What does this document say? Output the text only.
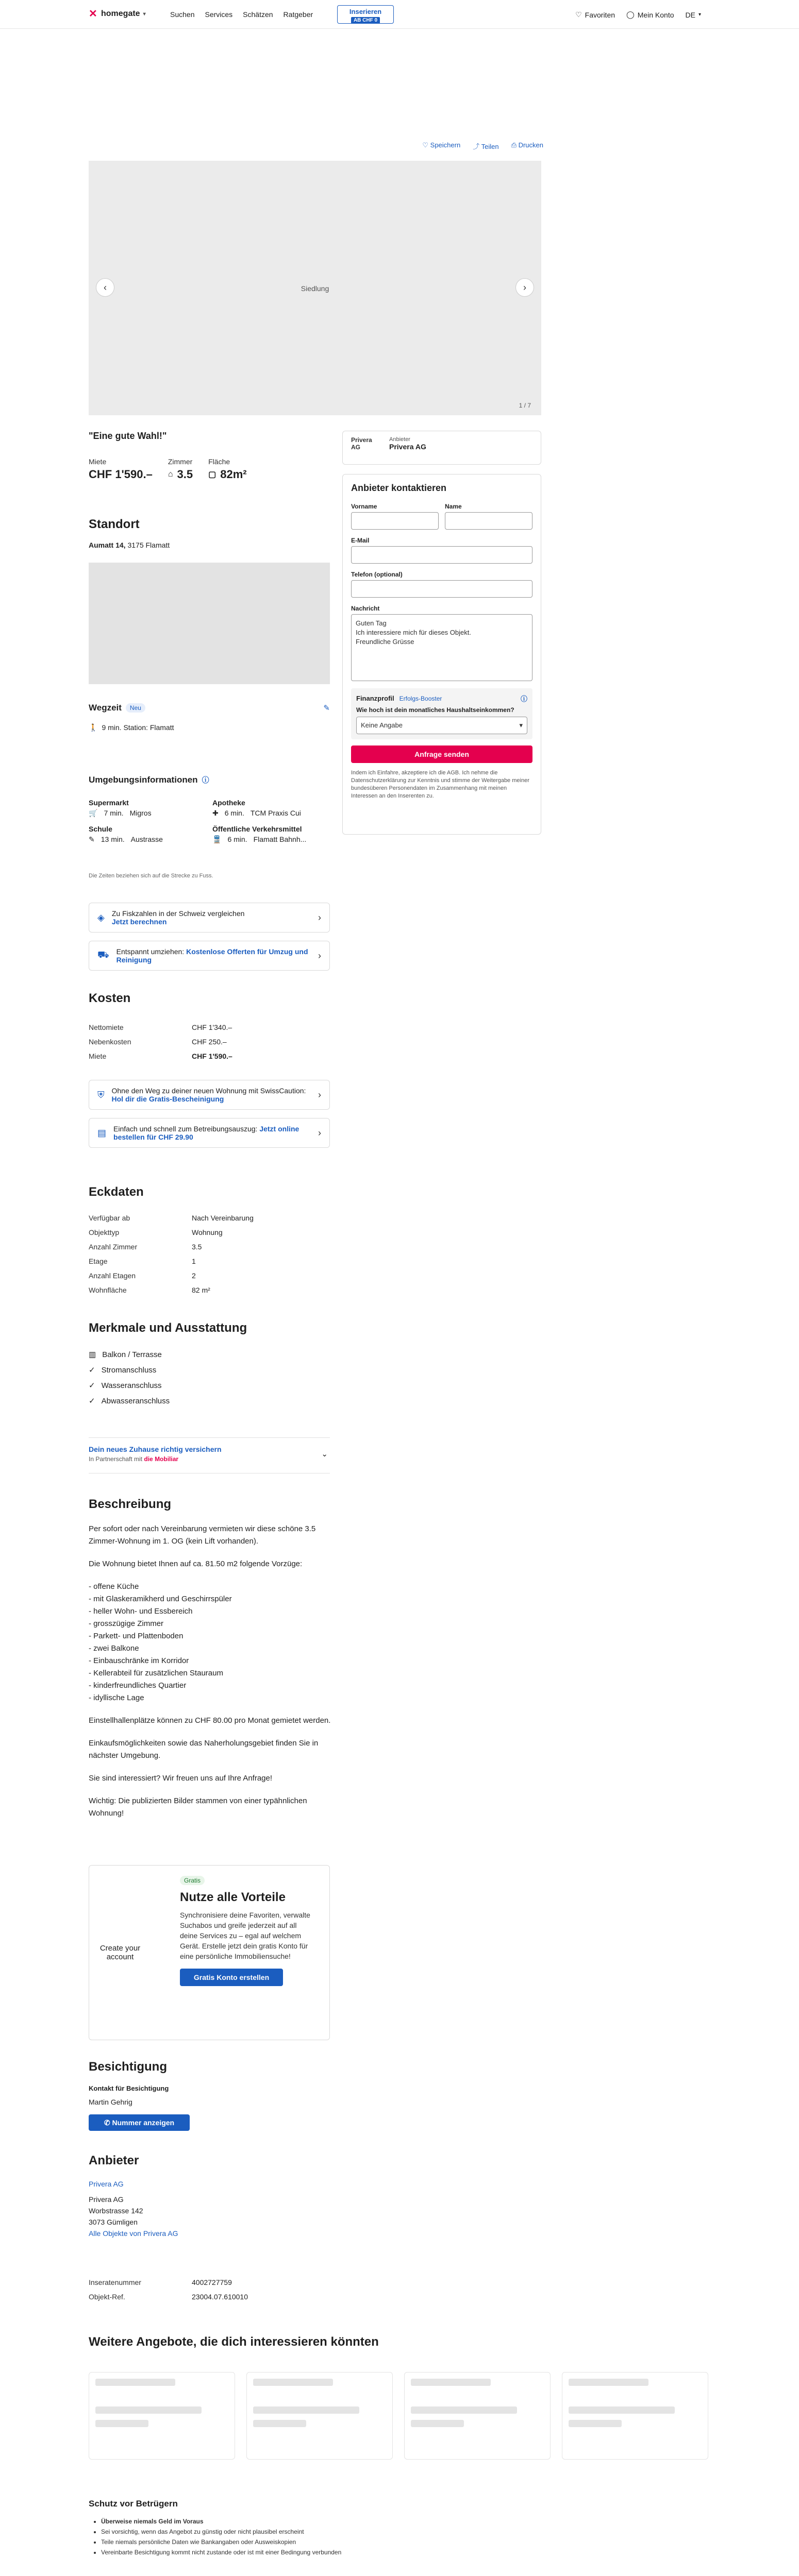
✕ homegate ▾	Suchen Services Schätzen Ratgeber	Inserieren
AB CHF 0
♡ Favoriten ◯ Mein Konto DE ▾
♡ Speichern ⤴ Teilen ⎙ Drucken
Siedlung
‹	›
1 / 7
"Eine gute Wahl!"
Miete
CHF 1'590.–
Zimmer
⌂ 3.5
Fläche
▢ 82m²
Privera AG
Anbieter
Privera AG
Anbieter kontaktieren
Vorname	Name
E-Mail
Telefon (optional)
Nachricht
Guten Tag
Ich interessiere mich für dieses Objekt.
Freundliche Grüsse
Finanzprofil Erfolgs-Booster	ⓘ
Wie hoch ist dein monatliches Haushaltseinkommen?
Keine Angabe	▾
Anfrage senden
Indem ich Einfahre, akzeptiere ich die AGB. Ich nehme die Datenschutzerklärung zur Kenntnis und stimme der Weitergabe meiner bundesüberen Personendaten im Zusammenhang mit meinen Interessen an den Inserenten zu.
Standort
Aumatt 14, 3175 Flamatt
Wegzeit	Neu	✎
🚶 9 min. Station: Flamatt
Umgebungsinformationen ⓘ
Supermarkt
🛒 7 min. Migros
Apotheke
✚ 6 min. TCM Praxis Cui
Schule
✎ 13 min. Austrasse
Öffentliche Verkehrsmittel
🚆 6 min. Flamatt Bahnh...
Die Zeiten beziehen sich auf die Strecke zu Fuss.
◈ Zu Fiskzahlen in der Schweiz vergleichen
Jetzt berechnen	›
⛟ Entspannt umziehen: Kostenlose Offerten für Umzug und Reinigung	›
Kosten
Nettomiete	CHF 1'340.–
Nebenkosten	CHF 250.–
Miete	CHF 1'590.–
⛨ Ohne den Weg zu deiner neuen Wohnung mit SwissCaution: Hol dir die Gratis-Bescheinigung	›
▤ Einfach und schnell zum Betreibungsauszug: Jetzt online bestellen für CHF 29.90	›
Eckdaten
Verfügbar ab	Nach Vereinbarung
Objekttyp	Wohnung
Anzahl Zimmer	3.5
Etage	1
Anzahl Etagen	2
Wohnfläche	82 m²
Merkmale und Ausstattung
▥ Balkon / Terrasse
✓ Stromanschluss
✓ Wasseranschluss
✓ Abwasseranschluss
Dein neues Zuhause richtig versichern
In Partnerschaft mit die Mobiliar
⌄
Beschreibung

Per sofort oder nach Vereinbarung vermieten wir diese schöne 3.5 Zimmer-Wohnung im 1. OG (kein Lift vorhanden).

Die Wohnung bietet Ihnen auf ca. 81.50 m2 folgende Vorzüge:

- offene Küche
- mit Glaskeramikherd und Geschirrspüler
- heller Wohn- und Essbereich
- grosszügige Zimmer
- Parkett- und Plattenboden
- zwei Balkone
- Einbauschränke im Korridor
- Kellerabteil für zusätzlichen Stauraum
- kinderfreundliches Quartier
- idyllische Lage

Einstellhallenplätze können zu CHF 80.00 pro Monat gemietet werden.

Einkaufsmöglichkeiten sowie das Naherholungsgebiet finden Sie in nächster Umgebung.

Sie sind interessiert? Wir freuen uns auf Ihre Anfrage!

Wichtig: Die publizierten Bilder stammen von einer typähnlichen Wohnung!

Create your account
Gratis
Nutze alle Vorteile
Synchronisiere deine Favoriten, verwalte Suchabos und greife jederzeit auf all deine Services zu – egal auf welchem Gerät. Erstelle jetzt dein gratis Konto für eine persönliche Immobiliensuche!
Gratis Konto erstellen
Besichtigung
Kontakt für Besichtigung
Martin Gehrig
✆ Nummer anzeigen
Anbieter
Privera AG
Privera AG
Worbstrasse 142
3073 Gümligen
Alle Objekte von Privera AG
Inseratenummer	4002727759
Objekt-Ref.	23004.07.610010
Weitere Angebote, die dich interessieren könnten
Schutz vor Betrügern
• Überweise niemals Geld im Voraus
• Sei vorsichtig, wenn das Angebot zu günstig oder nicht plausibel erscheint
• Teile niemals persönliche Daten wie Bankangaben oder Ausweiskopien
• Vereinbarte Besichtigung kommt nicht zustande oder ist mit einer Bedingung verbunden
